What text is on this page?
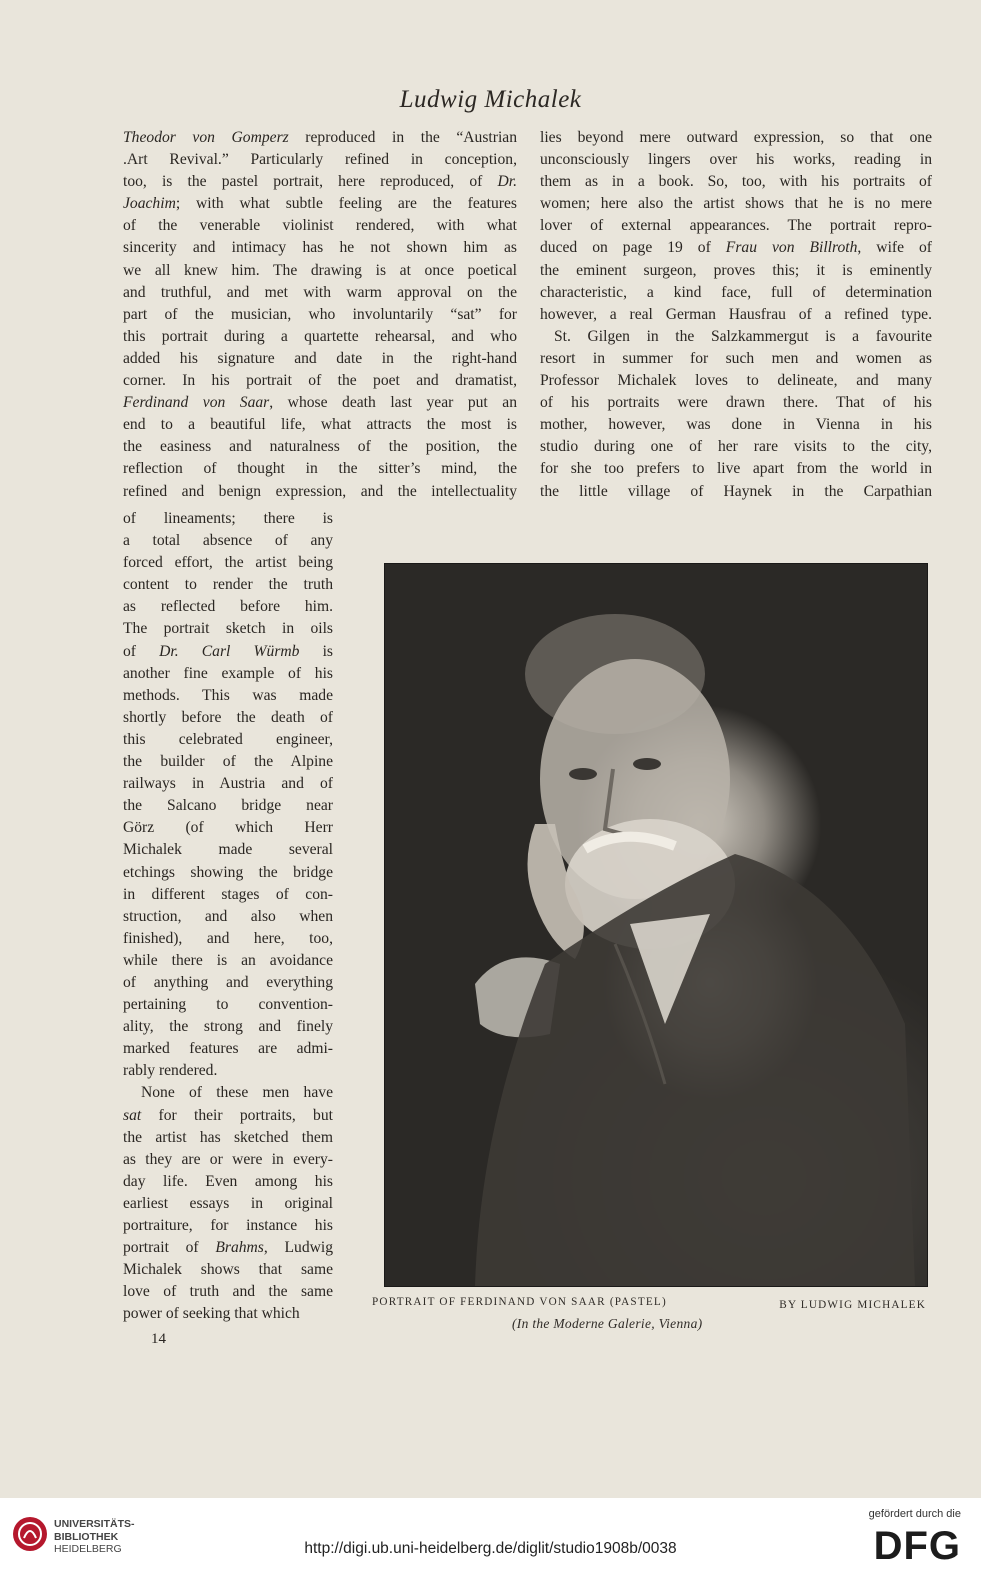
Ludwig Michalek
Theodor von Gomperz reproduced in the “Austrian
.Art Revival.” Particularly refined in conception,
too, is the pastel portrait, here reproduced, of Dr.
Joachim; with what subtle feeling are the features
of the venerable violinist rendered, with what
sincerity and intimacy has he not shown him as
we all knew him. The drawing is at once poetical
and truthful, and met with warm approval on the
part of the musician, who involuntarily “sat” for
this portrait during a quartette rehearsal, and who
added his signature and date in the right-hand
corner. In his portrait of the poet and dramatist,
Ferdinand von Saar, whose death last year put an
end to a beautiful life, what attracts the most is
the easiness and naturalness of the position, the
reflection of thought in the sitter’s mind, the
refined and benign expression, and the intellectuality
of lineaments; there is
a total absence of any
forced effort, the artist being
content to render the truth
as reflected before him.
The portrait sketch in oils
of Dr. Carl Würmb is
another fine example of his
methods. This was made
shortly before the death of
this celebrated engineer,
the builder of the Alpine
railways in Austria and of
the Salcano bridge near
Görz (of which Herr
Michalek made several
etchings showing the bridge
in different stages of con-
struction, and also when
finished), and here, too,
while there is an avoidance
of anything and everything
pertaining to convention-
ality, the strong and finely
marked features are admi-
rably rendered.
None of these men have
sat for their portraits, but
the artist has sketched them
as they are or were in every-
day life. Even among his
earliest essays in original
portraiture, for instance his
portrait of Brahms, Ludwig
Michalek shows that same
love of truth and the same
power of seeking that which
lies beyond mere outward expression, so that one
unconsciously lingers over his works, reading in
them as in a book. So, too, with his portraits of
women; here also the artist shows that he is no mere
lover of external appearances. The portrait repro-
duced on page 19 of Frau von Billroth, wife of
the eminent surgeon, proves this; it is eminently
characteristic, a kind face, full of determination
however, a real German Hausfrau of a refined type.
St. Gilgen in the Salzkammergut is a favourite
resort in summer for such men and women as
Professor Michalek loves to delineate, and many
of his portraits were drawn there. That of his
mother, however, was done in Vienna in his
studio during one of her rare visits to the city,
for she too prefers to live apart from the world in
the little village of Haynek in the Carpathian
PORTRAIT OF FERDINAND VON SAAR (PASTEL)	BY LUDWIG MICHALEK
(In the Moderne Galerie, Vienna)
14
UNIVERSITÄTS-
BIBLIOTHEK
HEIDELBERG	http://digi.ub.uni-heidelberg.de/diglit/studio1908b/0038
gefördert durch die
DFG
